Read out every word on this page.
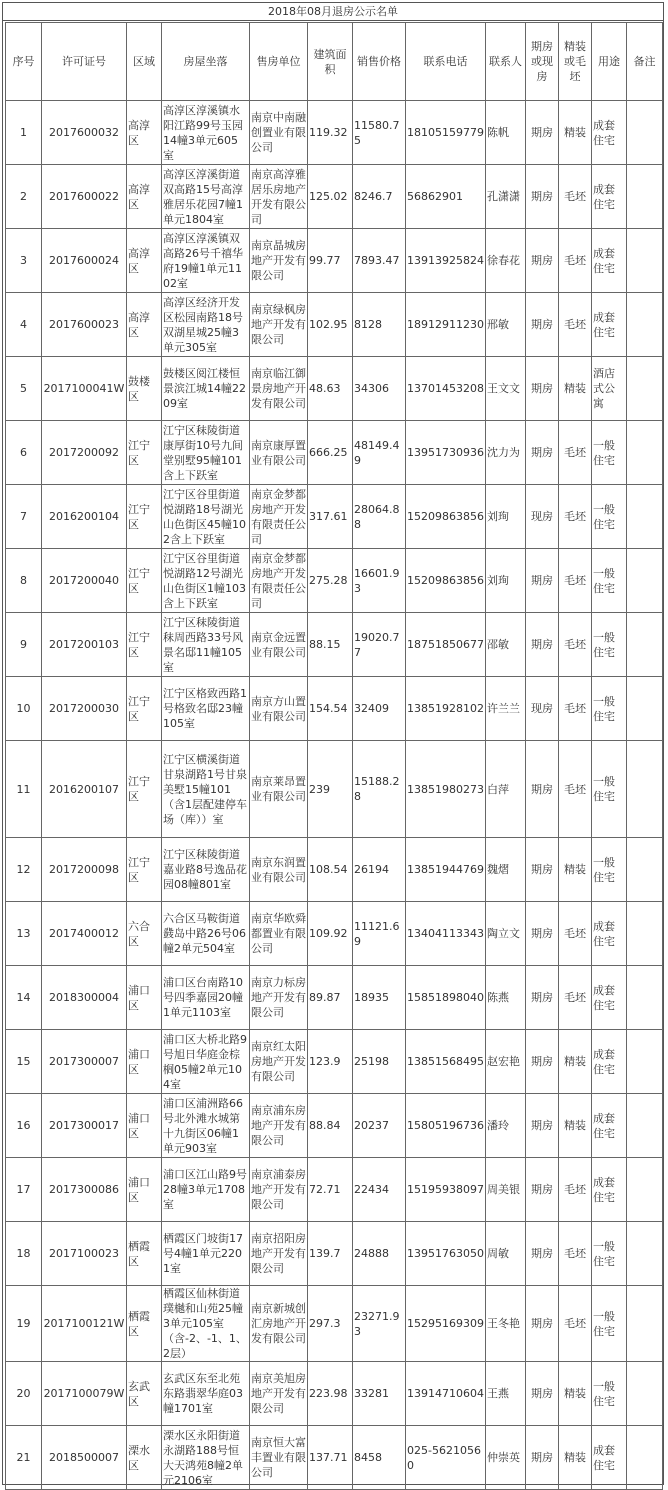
2018年08月退房公示名单
序号	许可证号	区域	房屋坐落	售房单位	建筑面积	销售价格	联系电话	联系人	期房或现房	精装或毛坯	用途	备注
1	2017600032	高淳区	高淳区淳溪镇水阳江路99号玉园14幢3单元605室	南京中南融创置业有限公司	119.32	11580.75	18105159779	陈帆	期房	精装	成套住宅	
2	2017600022	高淳区	高淳区淳溪街道双高路15号高淳雅居乐花园7幢1单元1804室	南京高淳雅居乐房地产开发有限公司	125.02	8246.7	56862901	孔潇潇	期房	毛坯	成套住宅	
3	2017600024	高淳区	高淳区淳溪镇双高路26号千禧华府19幢1单元1102室	南京晶城房地产开发有限公司	99.77	7893.47	13913925824	徐春花	期房	毛坯	成套住宅	
4	2017600023	高淳区	高淳区经济开发区松园南路18号双湖星城25幢3单元305室	南京绿枫房地产开发有限公司	102.95	8128	18912911230	邢敏	期房	毛坯	成套住宅	
5	2017100041W	鼓楼区	鼓楼区阅江楼恒景滨江城14幢2209室	南京临江御景房地产开发有限公司	48.63	34306	13701453208	王文文	期房	精装	酒店式公寓	
6	2017200092	江宁区	江宁区秣陵街道康厚街10号九间堂别墅95幢101含上下跃室	南京康厚置业有限公司	666.25	48149.49	13951730936	沈力为	期房	毛坯	一般住宅	
7	2016200104	江宁区	江宁区谷里街道悦湖路18号湖光山色街区45幢102含上下跃室	南京金梦都房地产开发有限责任公司	317.61	28064.88	15209863856	刘珣	现房	毛坯	一般住宅	
8	2017200040	江宁区	江宁区谷里街道悦湖路12号湖光山色街区1幢103含上下跃室	南京金梦都房地产开发有限责任公司	275.28	16601.93	15209863856	刘珣	期房	毛坯	一般住宅	
9	2017200103	江宁区	江宁区秣陵街道秣周西路33号风景名邸11幢105室	南京金远置业有限公司	88.15	19020.77	18751850677	邵敏	期房	毛坯	一般住宅	
10	2017200030	江宁区	江宁区格致西路1号格致名邸23幢105室	南京方山置业有限公司	154.54	32409	13851928102	许兰兰	现房	毛坯	一般住宅	
11	2016200107	江宁区	江宁区横溪街道甘泉湖路1号甘泉美墅15幢101（含1层配建停车场（库））室	南京莱昂置业有限公司	239	15188.28	13851980273	白萍	期房	毛坯	一般住宅	
12	2017200098	江宁区	江宁区秣陵街道嘉业路8号逸品花园08幢801室	南京东润置业有限公司	108.54	26194	13851944769	魏熠	期房	精装	一般住宅	
13	2017400012	六合区	六合区马鞍街道鼗岛中路26号06幢2单元504室	南京华欧舜都置业有限公司	109.92	11121.69	13404113343	陶立文	期房	毛坯	成套住宅	
14	2018300004	浦口区	浦口区台南路10号四季嘉园20幢1单元1103室	南京力标房地产开发有限公司	89.87	18935	15851898040	陈燕	期房	毛坯	成套住宅	
15	2017300007	浦口区	浦口区大桥北路9号旭日华庭金棕榈05幢2单元104室	南京红太阳房地产开发有限公司	123.9	25198	13851568495	赵宏艳	期房	精装	成套住宅	
16	2017300017	浦口区	浦口区浦洲路66号北外滩水城第十九街区06幢1单元903室	南京浦东房地产开发有限公司	88.84	20237	15805196736	潘玲	期房	精装	成套住宅	
17	2017300086	浦口区	浦口区江山路9号28幢3单元1708室	南京浦泰房地产开发有限公司	72.71	22434	15195938097	周美银	期房	毛坯	成套住宅	
18	2017100023	栖霞区	栖霞区门坡街17号4幢1单元2201室	南京招阳房地产开发有限公司	139.7	24888	13951763050	周敏	期房	毛坯	一般住宅	
19	2017100121W	栖霞区	栖霞区仙林街道璞樾和山苑25幢3单元105室（含-2、-1、1、2层）	南京新城创汇房地产开发有限公司	297.3	23271.93	15295169309	王冬艳	期房	毛坯	一般住宅	
20	2017100079W	玄武区	玄武区东至北苑东路翡翠华庭03幢1701室	南京美旭房地产开发有限公司	223.98	33281	13914710604	王燕	期房	精装	一般住宅	
21	2018500007	溧水区	溧水区永阳街道永湖路188号恒大天鸿苑8幢2单元2106室	南京恒大富丰置业有限公司	137.71	8458	025-56210560	仲崇英	期房	精装	成套住宅	
